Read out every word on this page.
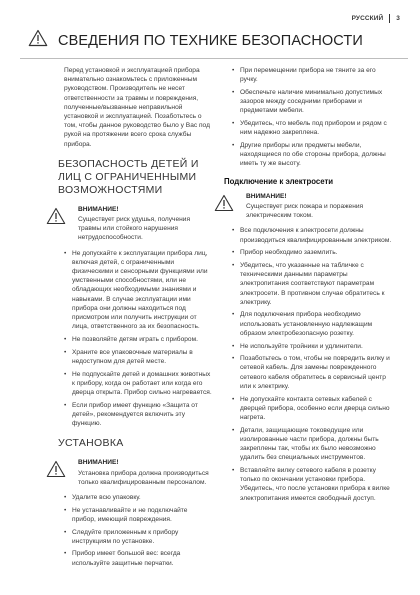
РУССКИЙ 3
СВЕДЕНИЯ ПО ТЕХНИКЕ БЕЗОПАСНОСТИ

Перед установкой и эксплуатацией прибора внимательно ознакомьтесь с приложенным руководством. Производитель не несет ответственности за травмы и повреждения, полученные/вызванные неправильной установкой и эксплуатацией. Позаботьтесь о том, чтобы данное руководство было у Вас под рукой на протяжении всего срока службы прибора.

БЕЗОПАСНОСТЬ ДЕТЕЙ И ЛИЦ С ОГРАНИЧЕННЫМИ ВОЗМОЖНОСТЯМИ
ВНИМАНИЕ!
Существует риск удушья, получения травмы или стойкого нарушения нетрудоспособности.
• Не допускайте к эксплуатации прибора лиц, включая детей, с ограниченными физическими и сенсорными функциями или умственными способностями, или не обладающих необходимыми знаниями и навыками. В случае эксплуатации ими прибора они должны находиться под присмотром или получить инструкции от лица, ответственного за их безопасность.
• Не позволяйте детям играть с прибором.
• Храните все упаковочные материалы в недоступном для детей месте.
• Не подпускайте детей и домашних животных к прибору, когда он работает или когда его дверца открыта. Прибор сильно нагревается.
• Если прибор имеет функцию «Защита от детей», рекомендуется включить эту функцию.
УСТАНОВКА
ВНИМАНИЕ!
Установка прибора должна производиться только квалифицированным персоналом.
• Удалите всю упаковку.
• Не устанавливайте и не подключайте прибор, имеющий повреждения.
• Следуйте приложенным к прибору инструкциям по установке.
• Прибор имеет большой вес: всегда используйте защитные перчатки.
• При перемещении прибора не тяните за его ручку.
• Обеспечьте наличие минимально допустимых зазоров между соседними приборами и предметами мебели.
• Убедитесь, что мебель под прибором и рядом с ним надежно закреплена.
• Другие приборы или предметы мебели, находящиеся по обе стороны прибора, должны иметь ту же высоту.
Подключение к электросети
ВНИМАНИЕ!
Существует риск пожара и поражения электрическим током.
• Все подключения к электросети должны производиться квалифицированным электриком.
• Прибор необходимо заземлить.
• Убедитесь, что указанные на табличке с техническими данными параметры электропитания соответствуют параметрам электросети. В противном случае обратитесь к электрику.
• Для подключения прибора необходимо использовать установленную надлежащим образом электробезопасную розетку.
• Не используйте тройники и удлинители.
• Позаботьтесь о том, чтобы не повредить вилку и сетевой кабель. Для замены поврежденного сетевого кабеля обратитесь в сервисный центр или к электрику.
• Не допускайте контакта сетевых кабелей с дверцей прибора, особенно если дверца сильно нагрета.
• Детали, защищающие токоведущие или изолированные части прибора, должны быть закреплены так, чтобы их было невозможно удалить без специальных инструментов.
• Вставляйте вилку сетевого кабеля в розетку только по окончании установки прибора. Убедитесь, что после установки прибора к вилке электропитания имеется свободный доступ.
